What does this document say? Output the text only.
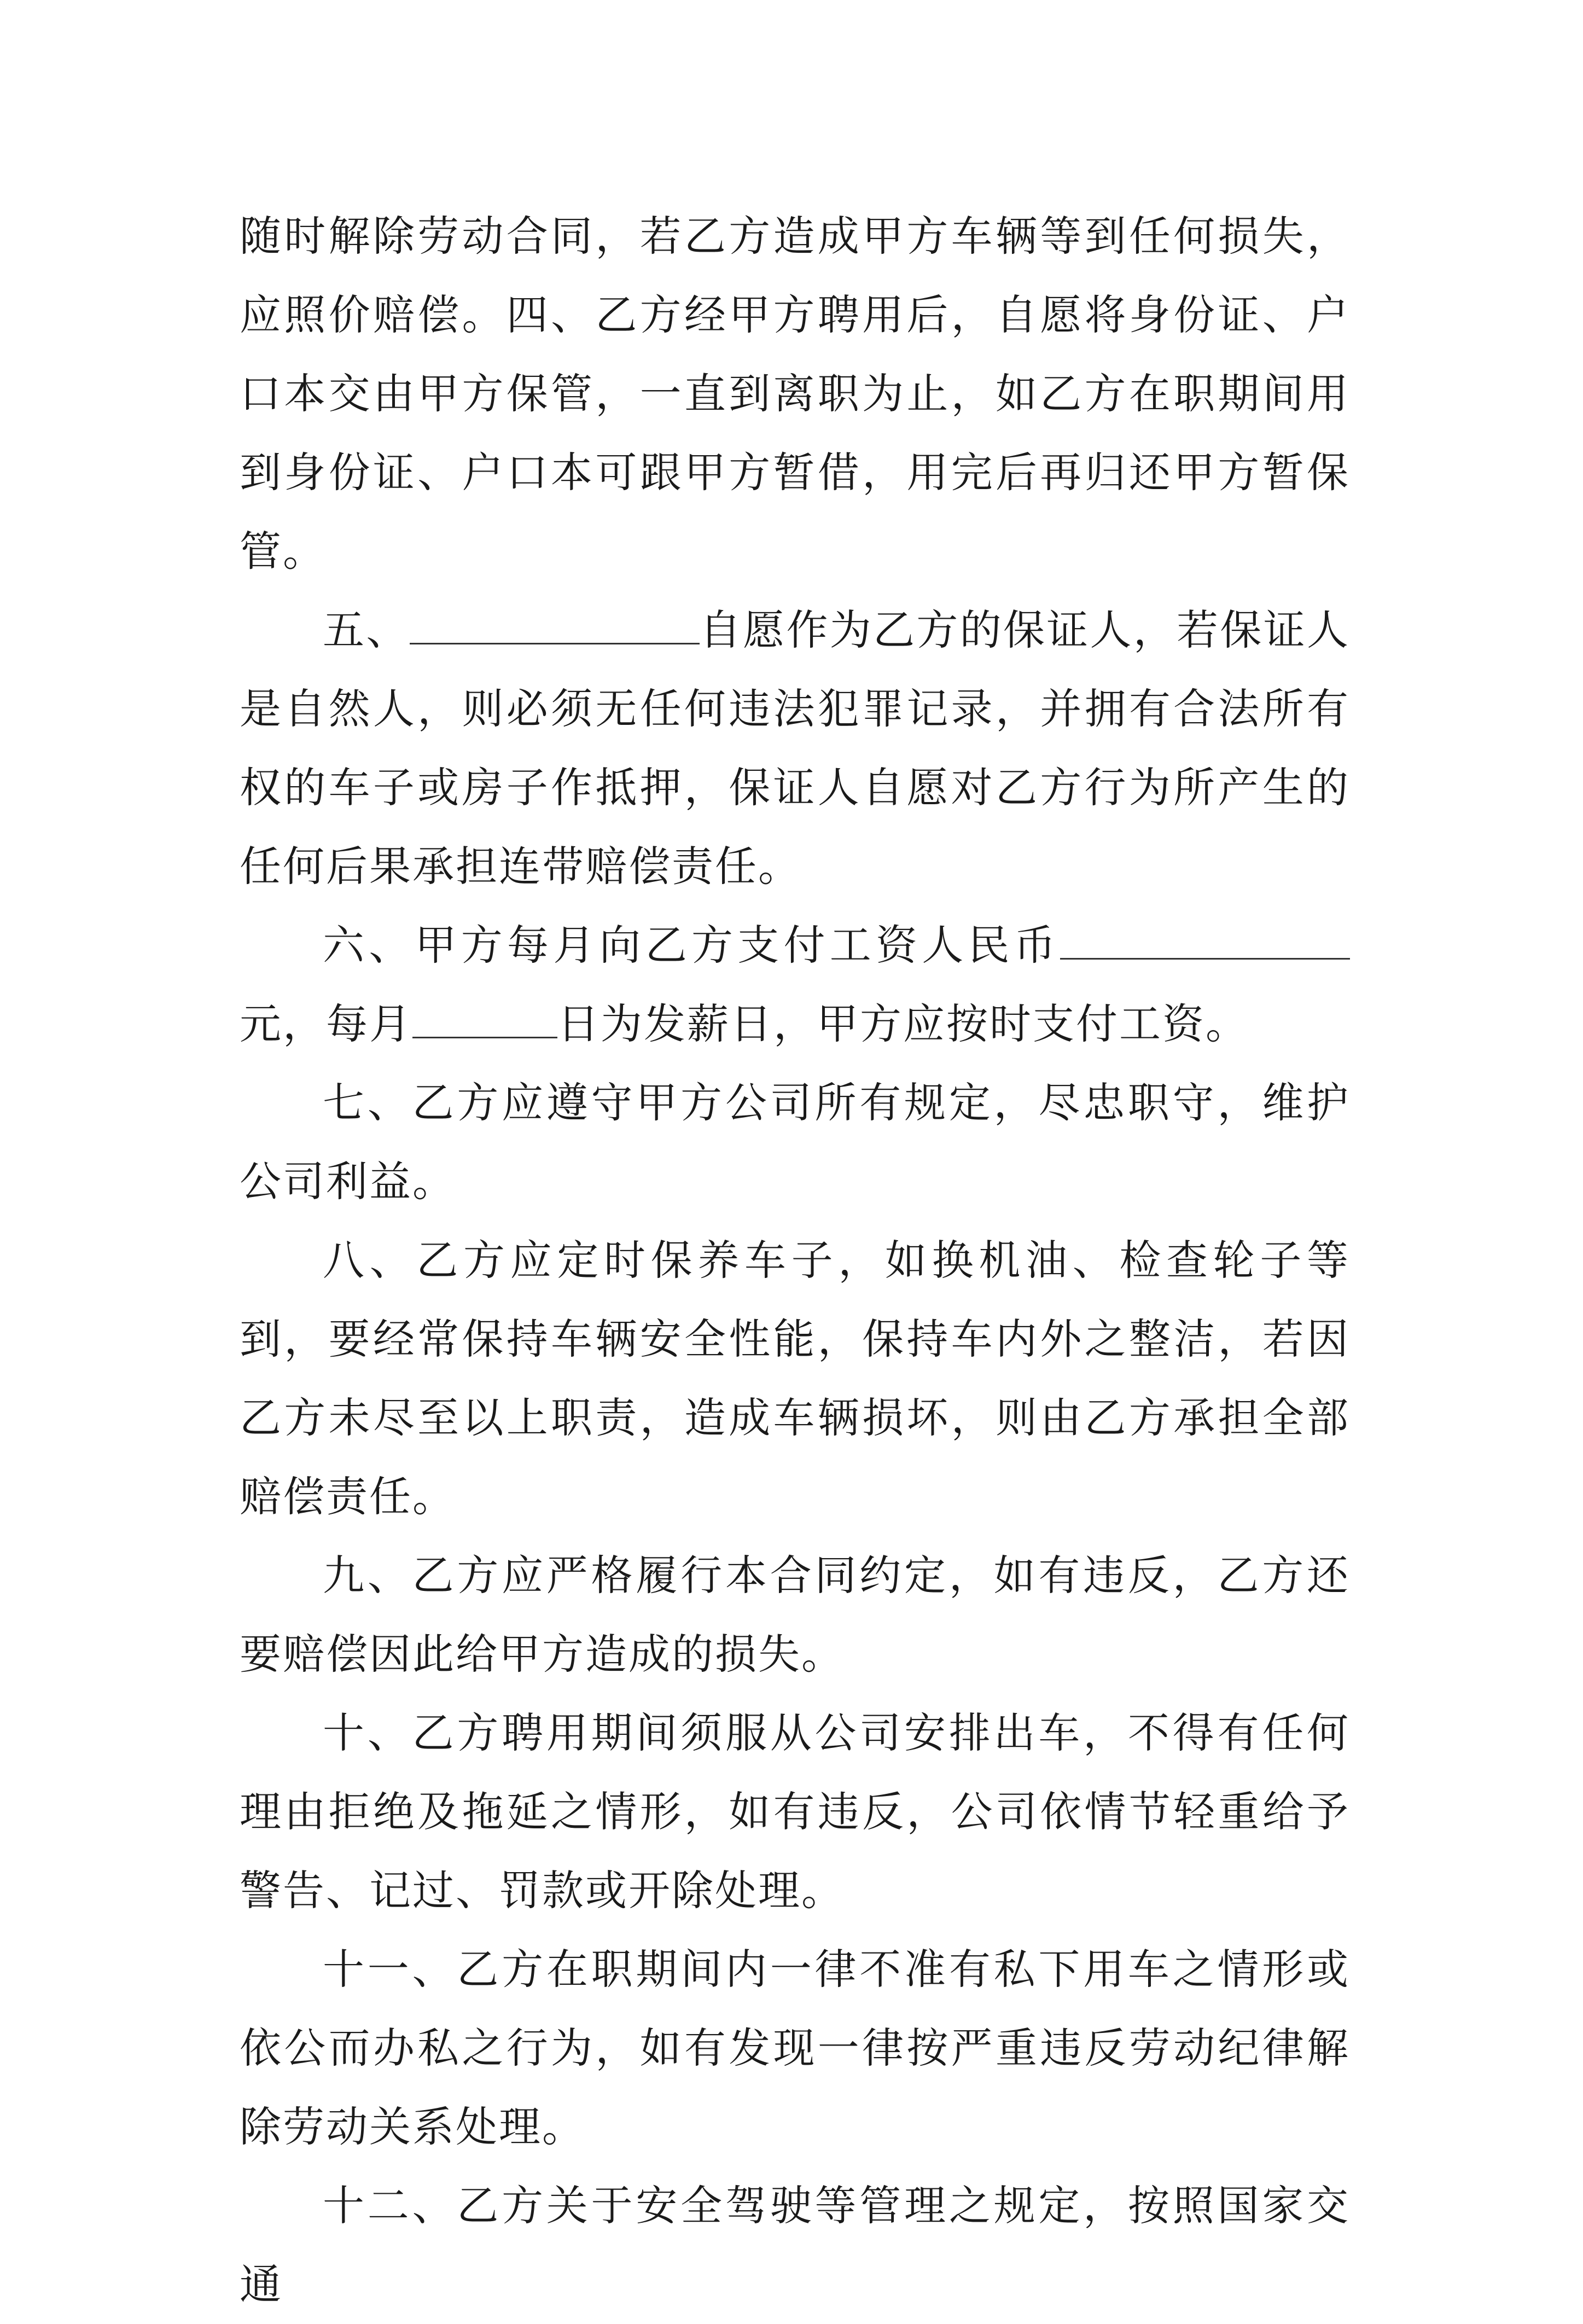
随时解除劳动合同，若乙方造成甲方车辆等到任何损失，应照价赔偿。四、乙方经甲方聘用后，自愿将身份证、户口本交由甲方保管，一直到离职为止，如乙方在职期间用到身份证、户口本可跟甲方暂借，用完后再归还甲方暂保管。

五、	自愿作为乙方的保证人，若保证人是自然人，则必须无任何违法犯罪记录，并拥有合法所有权的车子或房子作抵押，保证人自愿对乙方行为所产生的任何后果承担连带赔偿责任。

六、甲方每月向乙方支付工资人民币元，每月	日为发薪日，甲方应按时支付工资。

七、乙方应遵守甲方公司所有规定，尽忠职守，维护公司利益。

八、乙方应定时保养车子，如换机油、检查轮子等到，要经常保持车辆安全性能，保持车内外之整洁，若因乙方未尽至以上职责，造成车辆损坏，则由乙方承担全部赔偿责任。

九、乙方应严格履行本合同约定，如有违反，乙方还要赔偿因此给甲方造成的损失。

十、乙方聘用期间须服从公司安排出车，不得有任何理由拒绝及拖延之情形，如有违反，公司依情节轻重给予警告、记过、罚款或开除处理。

十一、乙方在职期间内一律不准有私下用车之情形或依公而办私之行为，如有发现一律按严重违反劳动纪律解除劳动关系处理。

十二、乙方关于安全驾驶等管理之规定，按照国家交通
